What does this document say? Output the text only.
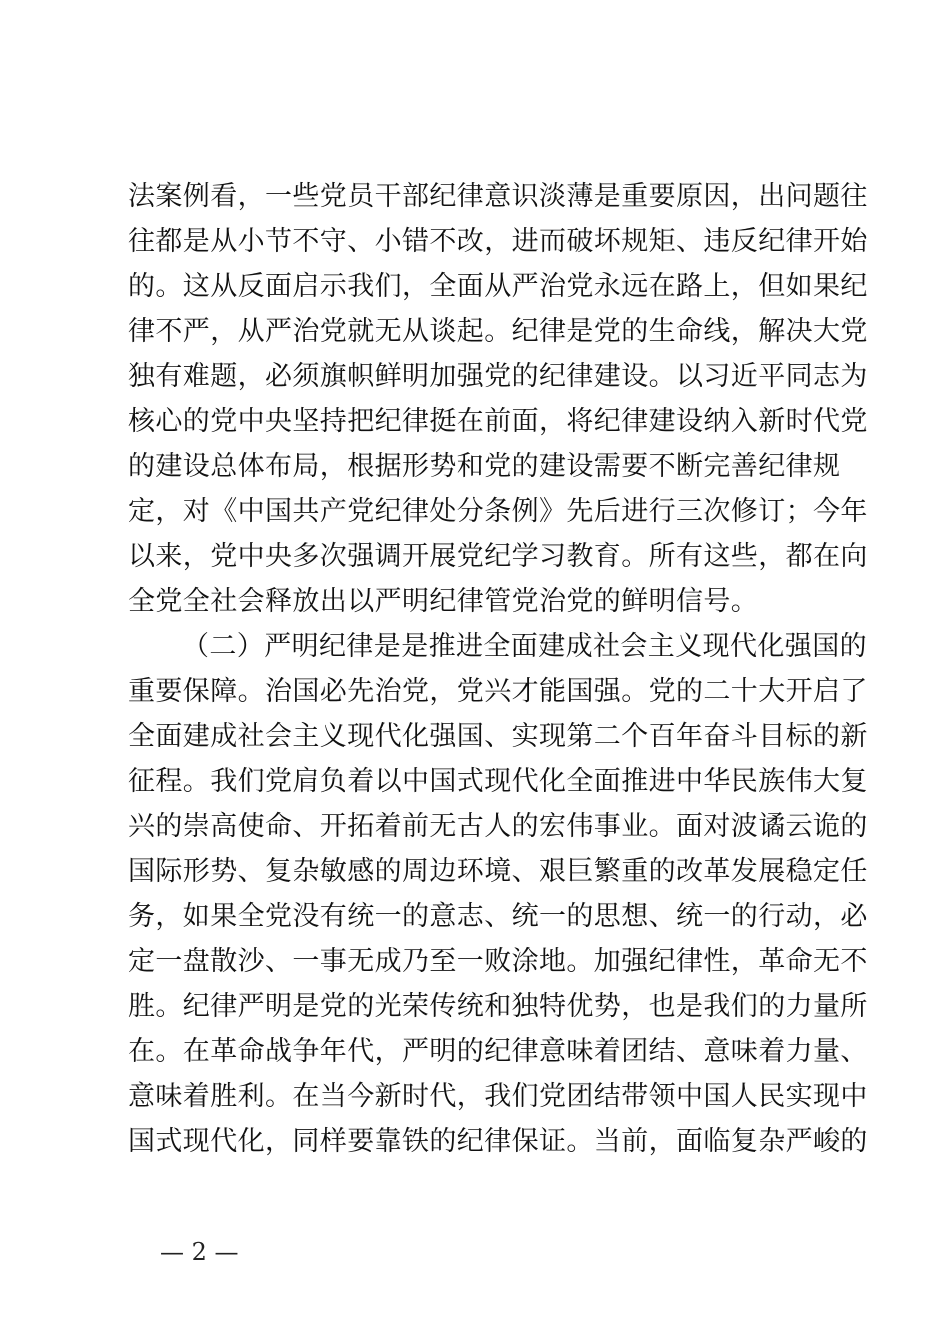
法案例看，一些党员干部纪律意识淡薄是重要原因，出问题往

往都是从小节不守、小错不改，进而破坏规矩、违反纪律开始

的。这从反面启示我们，全面从严治党永远在路上，但如果纪

律不严，从严治党就无从谈起。纪律是党的生命线，解决大党

独有难题，必须旗帜鲜明加强党的纪律建设。以习近平同志为

核心的党中央坚持把纪律挺在前面，将纪律建设纳入新时代党

的建设总体布局，根据形势和党的建设需要不断完善纪律规

定，对《中国共产党纪律处分条例》先后进行三次修订；今年

以来，党中央多次强调开展党纪学习教育。所有这些，都在向

全党全社会释放出以严明纪律管党治党的鲜明信号。

（二）严明纪律是是推进全面建成社会主义现代化强国的

重要保障。治国必先治党，党兴才能国强。党的二十大开启了

全面建成社会主义现代化强国、实现第二个百年奋斗目标的新

征程。我们党肩负着以中国式现代化全面推进中华民族伟大复

兴的崇高使命、开拓着前无古人的宏伟事业。面对波谲云诡的

国际形势、复杂敏感的周边环境、艰巨繁重的改革发展稳定任

务，如果全党没有统一的意志、统一的思想、统一的行动，必

定一盘散沙、一事无成乃至一败涂地。加强纪律性，革命无不

胜。纪律严明是党的光荣传统和独特优势，也是我们的力量所

在。在革命战争年代，严明的纪律意味着团结、意味着力量、

意味着胜利。在当今新时代，我们党团结带领中国人民实现中

国式现代化，同样要靠铁的纪律保证。当前，面临复杂严峻的

— 2 —
